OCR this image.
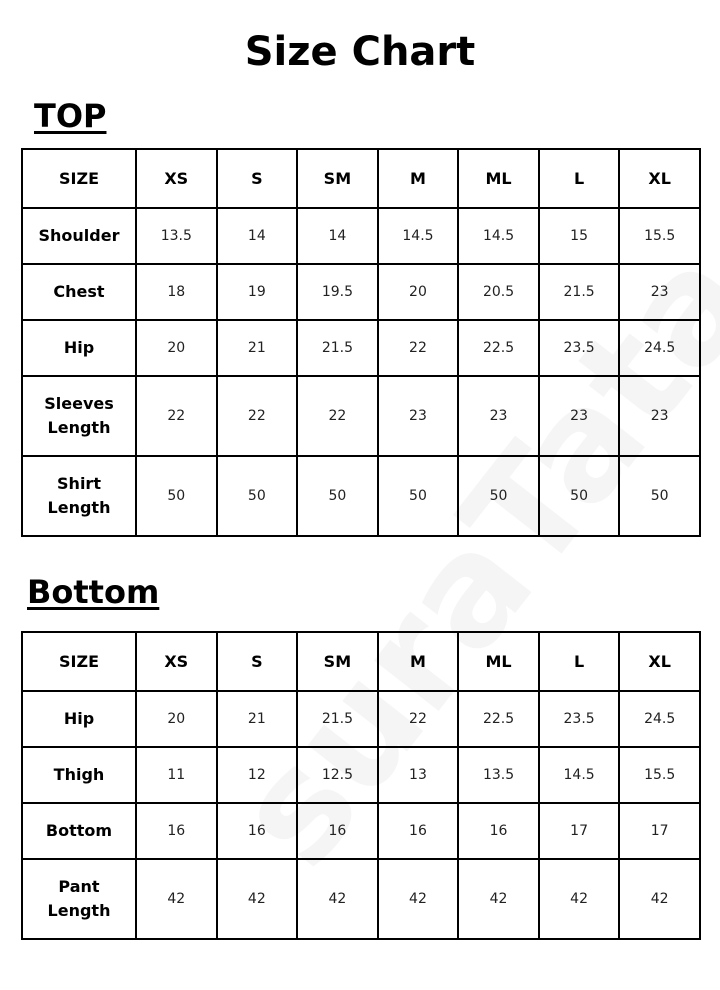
Size Chart
TOP
SIZE	XS	S	SM	M	ML	L	XL
Shoulder	13.5	14	14	14.5	14.5	15	15.5
Chest	18	19	19.5	20	20.5	21.5	23
Hip	20	21	21.5	22	22.5	23.5	24.5
Sleeves Length	22	22	22	23	23	23	23
Shirt Length	50	50	50	50	50	50	50
Bottom
SIZE	XS	S	SM	M	ML	L	XL
Hip	20	21	21.5	22	22.5	23.5	24.5
Thigh	11	12	12.5	13	13.5	14.5	15.5
Bottom	16	16	16	16	16	17	17
Pant Length	42	42	42	42	42	42	42
